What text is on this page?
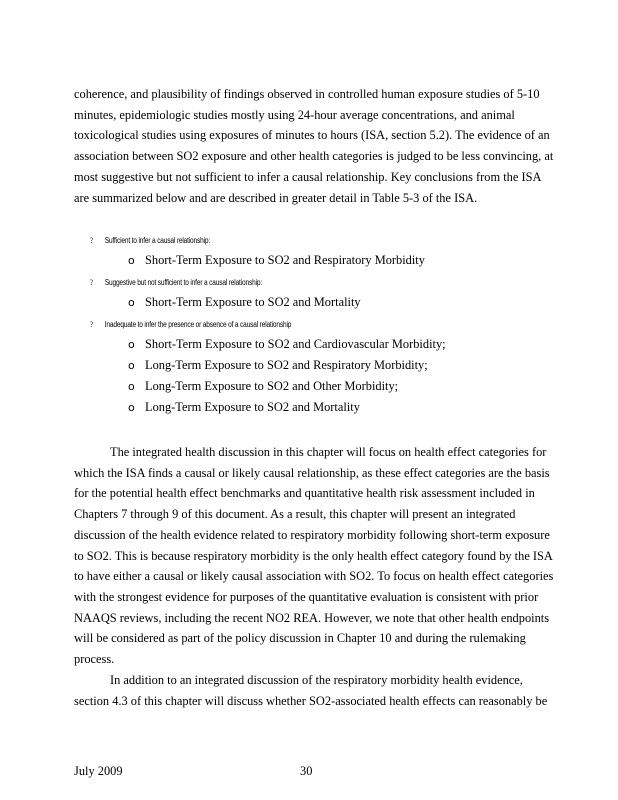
coherence, and plausibility of findings observed in controlled human exposure studies of 5-10 minutes, epidemiologic studies mostly using 24-hour average concentrations, and animal toxicological studies using exposures of minutes to hours (ISA, section 5.2). The evidence of an association between SO2 exposure and other health categories is judged to be less convincing, at most suggestive but not sufficient to infer a causal relationship. Key conclusions from the ISA are summarized below and are described in greater detail in Table 5-3 of the ISA.

? Sufficient to infer a causal relationship:
o Short-Term Exposure to SO2 and Respiratory Morbidity
? Suggestive but not sufficient to infer a causal relationship:
o Short-Term Exposure to SO2 and Mortality
? Inadequate to infer the presence or absence of a causal relationship
o Short-Term Exposure to SO2 and Cardiovascular Morbidity;
o Long-Term Exposure to SO2 and Respiratory Morbidity;
o Long-Term Exposure to SO2 and Other Morbidity;
o Long-Term Exposure to SO2 and Mortality

The integrated health discussion in this chapter will focus on health effect categories for which the ISA finds a causal or likely causal relationship, as these effect categories are the basis for the potential health effect benchmarks and quantitative health risk assessment included in Chapters 7 through 9 of this document. As a result, this chapter will present an integrated discussion of the health evidence related to respiratory morbidity following short-term exposure to SO2. This is because respiratory morbidity is the only health effect category found by the ISA to have either a causal or likely causal association with SO2. To focus on health effect categories with the strongest evidence for purposes of the quantitative evaluation is consistent with prior NAAQS reviews, including the recent NO2 REA. However, we note that other health endpoints will be considered as part of the policy discussion in Chapter 10 and during the rulemaking process.

In addition to an integrated discussion of the respiratory morbidity health evidence, section 4.3 of this chapter will discuss whether SO2-associated health effects can reasonably be

July 2009	30
